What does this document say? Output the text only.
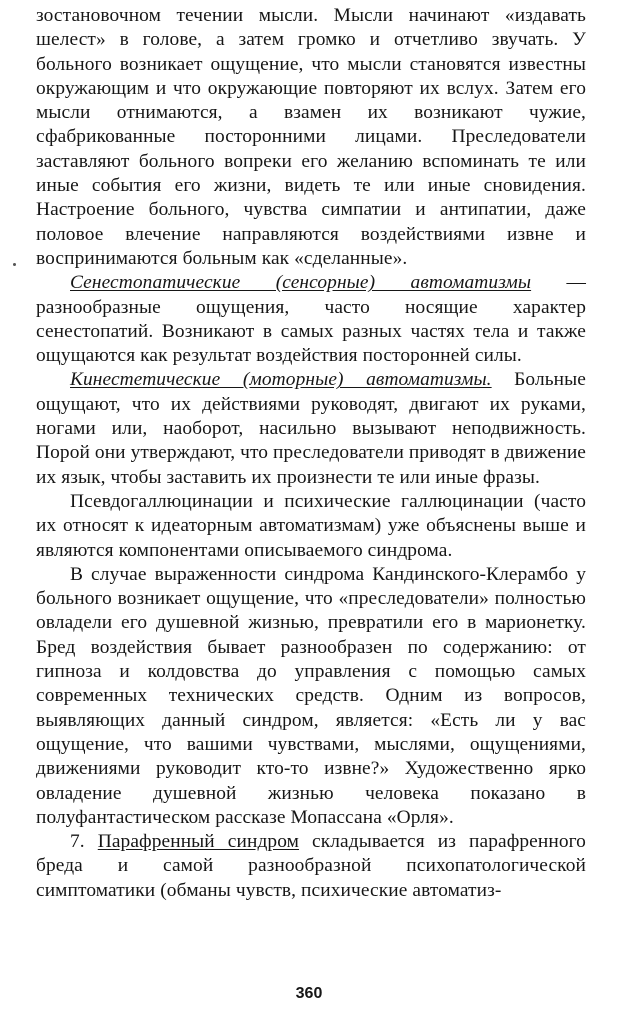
зостановочном течении мысли. Мысли начинают «издавать шелест» в голове, а затем громко и отчетливо звучать. У больного возникает ощущение, что мысли становятся известны окружающим и что окружающие повторяют их вслух. Затем его мысли отнимаются, а взамен их возникают чужие, сфабрикованные посторонними лицами. Преследователи заставляют больного вопреки его желанию вспоминать те или иные события его жизни, видеть те или иные сновидения. Настроение больного, чувства симпатии и антипатии, даже половое влечение направляются воздействиями извне и воспринимаются больным как «сделанные».

Сенестопатические (сенсорные) автоматизмы — разнообразные ощущения, часто носящие характер сенестопатий. Возникают в самых разных частях тела и также ощущаются как результат воздействия посторонней силы.

Кинестетические (моторные) автоматизмы. Больные ощущают, что их действиями руководят, двигают их руками, ногами или, наоборот, насильно вызывают неподвижность. Порой они утверждают, что преследователи приводят в движение их язык, чтобы заставить их произнести те или иные фразы.

Псевдогаллюцинации и психические галлюцинации (часто их относят к идеаторным автоматизмам) уже объяснены выше и являются компонентами описываемого синдрома.

В случае выраженности синдрома Кандинского-Клерамбо у больного возникает ощущение, что «преследователи» полностью овладели его душевной жизнью, превратили его в марионетку. Бред воздействия бывает разнообразен по содержанию: от гипноза и колдовства до управления с помощью самых современных технических средств. Одним из вопросов, выявляющих данный синдром, является: «Есть ли у вас ощущение, что вашими чувствами, мыслями, ощущениями, движениями руководит кто-то извне?» Художественно ярко овладение душевной жизнью человека показано в полуфантастическом рассказе Мопассана «Орля».

7. Парафренный синдром складывается из парафренного бреда и самой разнообразной психопатологической симптоматики (обманы чувств, психические автоматиз-

360
